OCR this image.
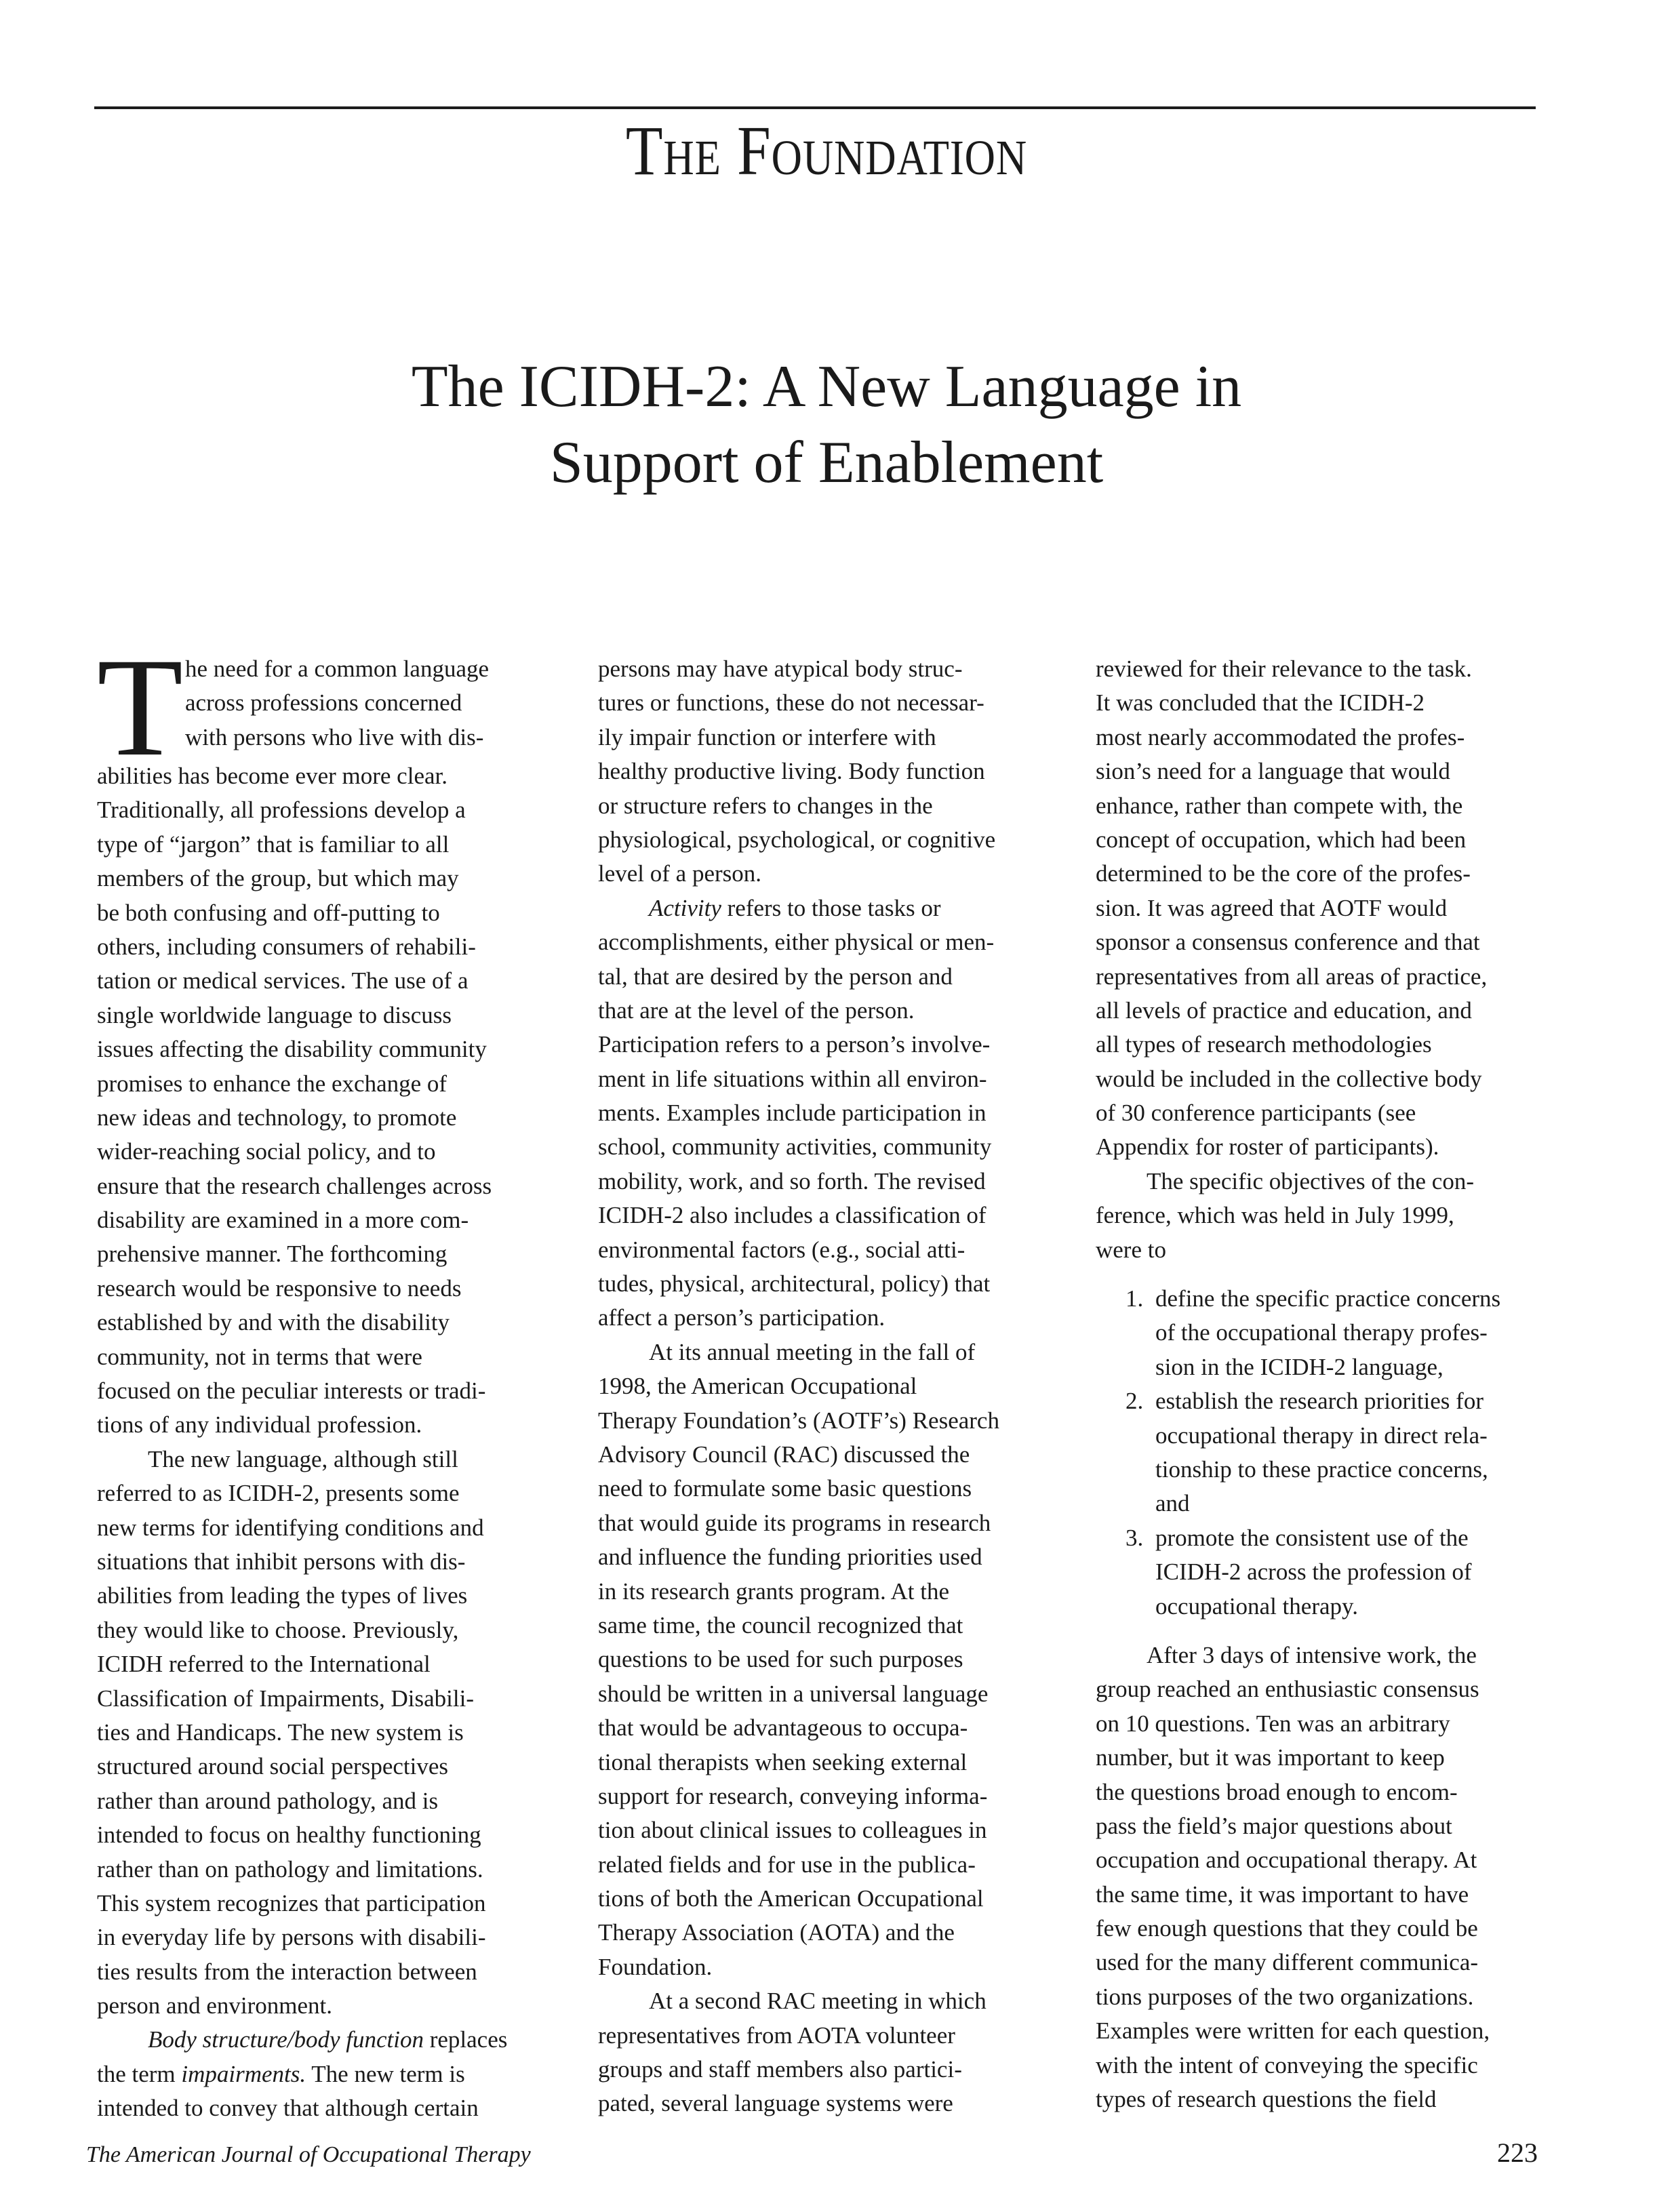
The Foundation
The ICIDH-2: A New Language in
Support of Enablement
T he need for a common language
across professions concerned
with persons who live with dis-
abilities has become ever more clear.
Traditionally, all professions develop a
type of “jargon” that is familiar to all
members of the group, but which may
be both confusing and off-putting to
others, including consumers of rehabili-
tation or medical services. The use of a
single worldwide language to discuss
issues affecting the disability community
promises to enhance the exchange of
new ideas and technology, to promote
wider-reaching social policy, and to
ensure that the research challenges across
disability are examined in a more com-
prehensive manner. The forthcoming
research would be responsive to needs
established by and with the disability
community, not in terms that were
focused on the peculiar interests or tradi-
tions of any individual profession.
The new language, although still
referred to as ICIDH-2, presents some
new terms for identifying conditions and
situations that inhibit persons with dis-
abilities from leading the types of lives
they would like to choose. Previously,
ICIDH referred to the International
Classification of Impairments, Disabili-
ties and Handicaps. The new system is
structured around social perspectives
rather than around pathology, and is
intended to focus on healthy functioning
rather than on pathology and limitations.
This system recognizes that participation
in everyday life by persons with disabili-
ties results from the interaction between
person and environment.
Body structure/body function replaces
the term impairments. The new term is
intended to convey that although certain
persons may have atypical body struc-
tures or functions, these do not necessar-
ily impair function or interfere with
healthy productive living. Body function
or structure refers to changes in the
physiological, psychological, or cognitive
level of a person.
Activity refers to those tasks or
accomplishments, either physical or men-
tal, that are desired by the person and
that are at the level of the person.
Participation refers to a person’s involve-
ment in life situations within all environ-
ments. Examples include participation in
school, community activities, community
mobility, work, and so forth. The revised
ICIDH-2 also includes a classification of
environmental factors (e.g., social atti-
tudes, physical, architectural, policy) that
affect a person’s participation.
At its annual meeting in the fall of
1998, the American Occupational
Therapy Foundation’s (AOTF’s) Research
Advisory Council (RAC) discussed the
need to formulate some basic questions
that would guide its programs in research
and influence the funding priorities used
in its research grants program. At the
same time, the council recognized that
questions to be used for such purposes
should be written in a universal language
that would be advantageous to occupa-
tional therapists when seeking external
support for research, conveying informa-
tion about clinical issues to colleagues in
related fields and for use in the publica-
tions of both the American Occupational
Therapy Association (AOTA) and the
Foundation.
At a second RAC meeting in which
representatives from AOTA volunteer
groups and staff members also partici-
pated, several language systems were
reviewed for their relevance to the task.
It was concluded that the ICIDH-2
most nearly accommodated the profes-
sion’s need for a language that would
enhance, rather than compete with, the
concept of occupation, which had been
determined to be the core of the profes-
sion. It was agreed that AOTF would
sponsor a consensus conference and that
representatives from all areas of practice,
all levels of practice and education, and
all types of research methodologies
would be included in the collective body
of 30 conference participants (see
Appendix for roster of participants).
The specific objectives of the con-
ference, which was held in July 1999,
were to
1. define the specific practice concerns
of the occupational therapy profes-
sion in the ICIDH-2 language,
2. establish the research priorities for
occupational therapy in direct rela-
tionship to these practice concerns,
and
3. promote the consistent use of the
ICIDH-2 across the profession of
occupational therapy.
After 3 days of intensive work, the
group reached an enthusiastic consensus
on 10 questions. Ten was an arbitrary
number, but it was important to keep
the questions broad enough to encom-
pass the field’s major questions about
occupation and occupational therapy. At
the same time, it was important to have
few enough questions that they could be
used for the many different communica-
tions purposes of the two organizations.
Examples were written for each question,
with the intent of conveying the specific
types of research questions the field
The American Journal of Occupational Therapy	223
